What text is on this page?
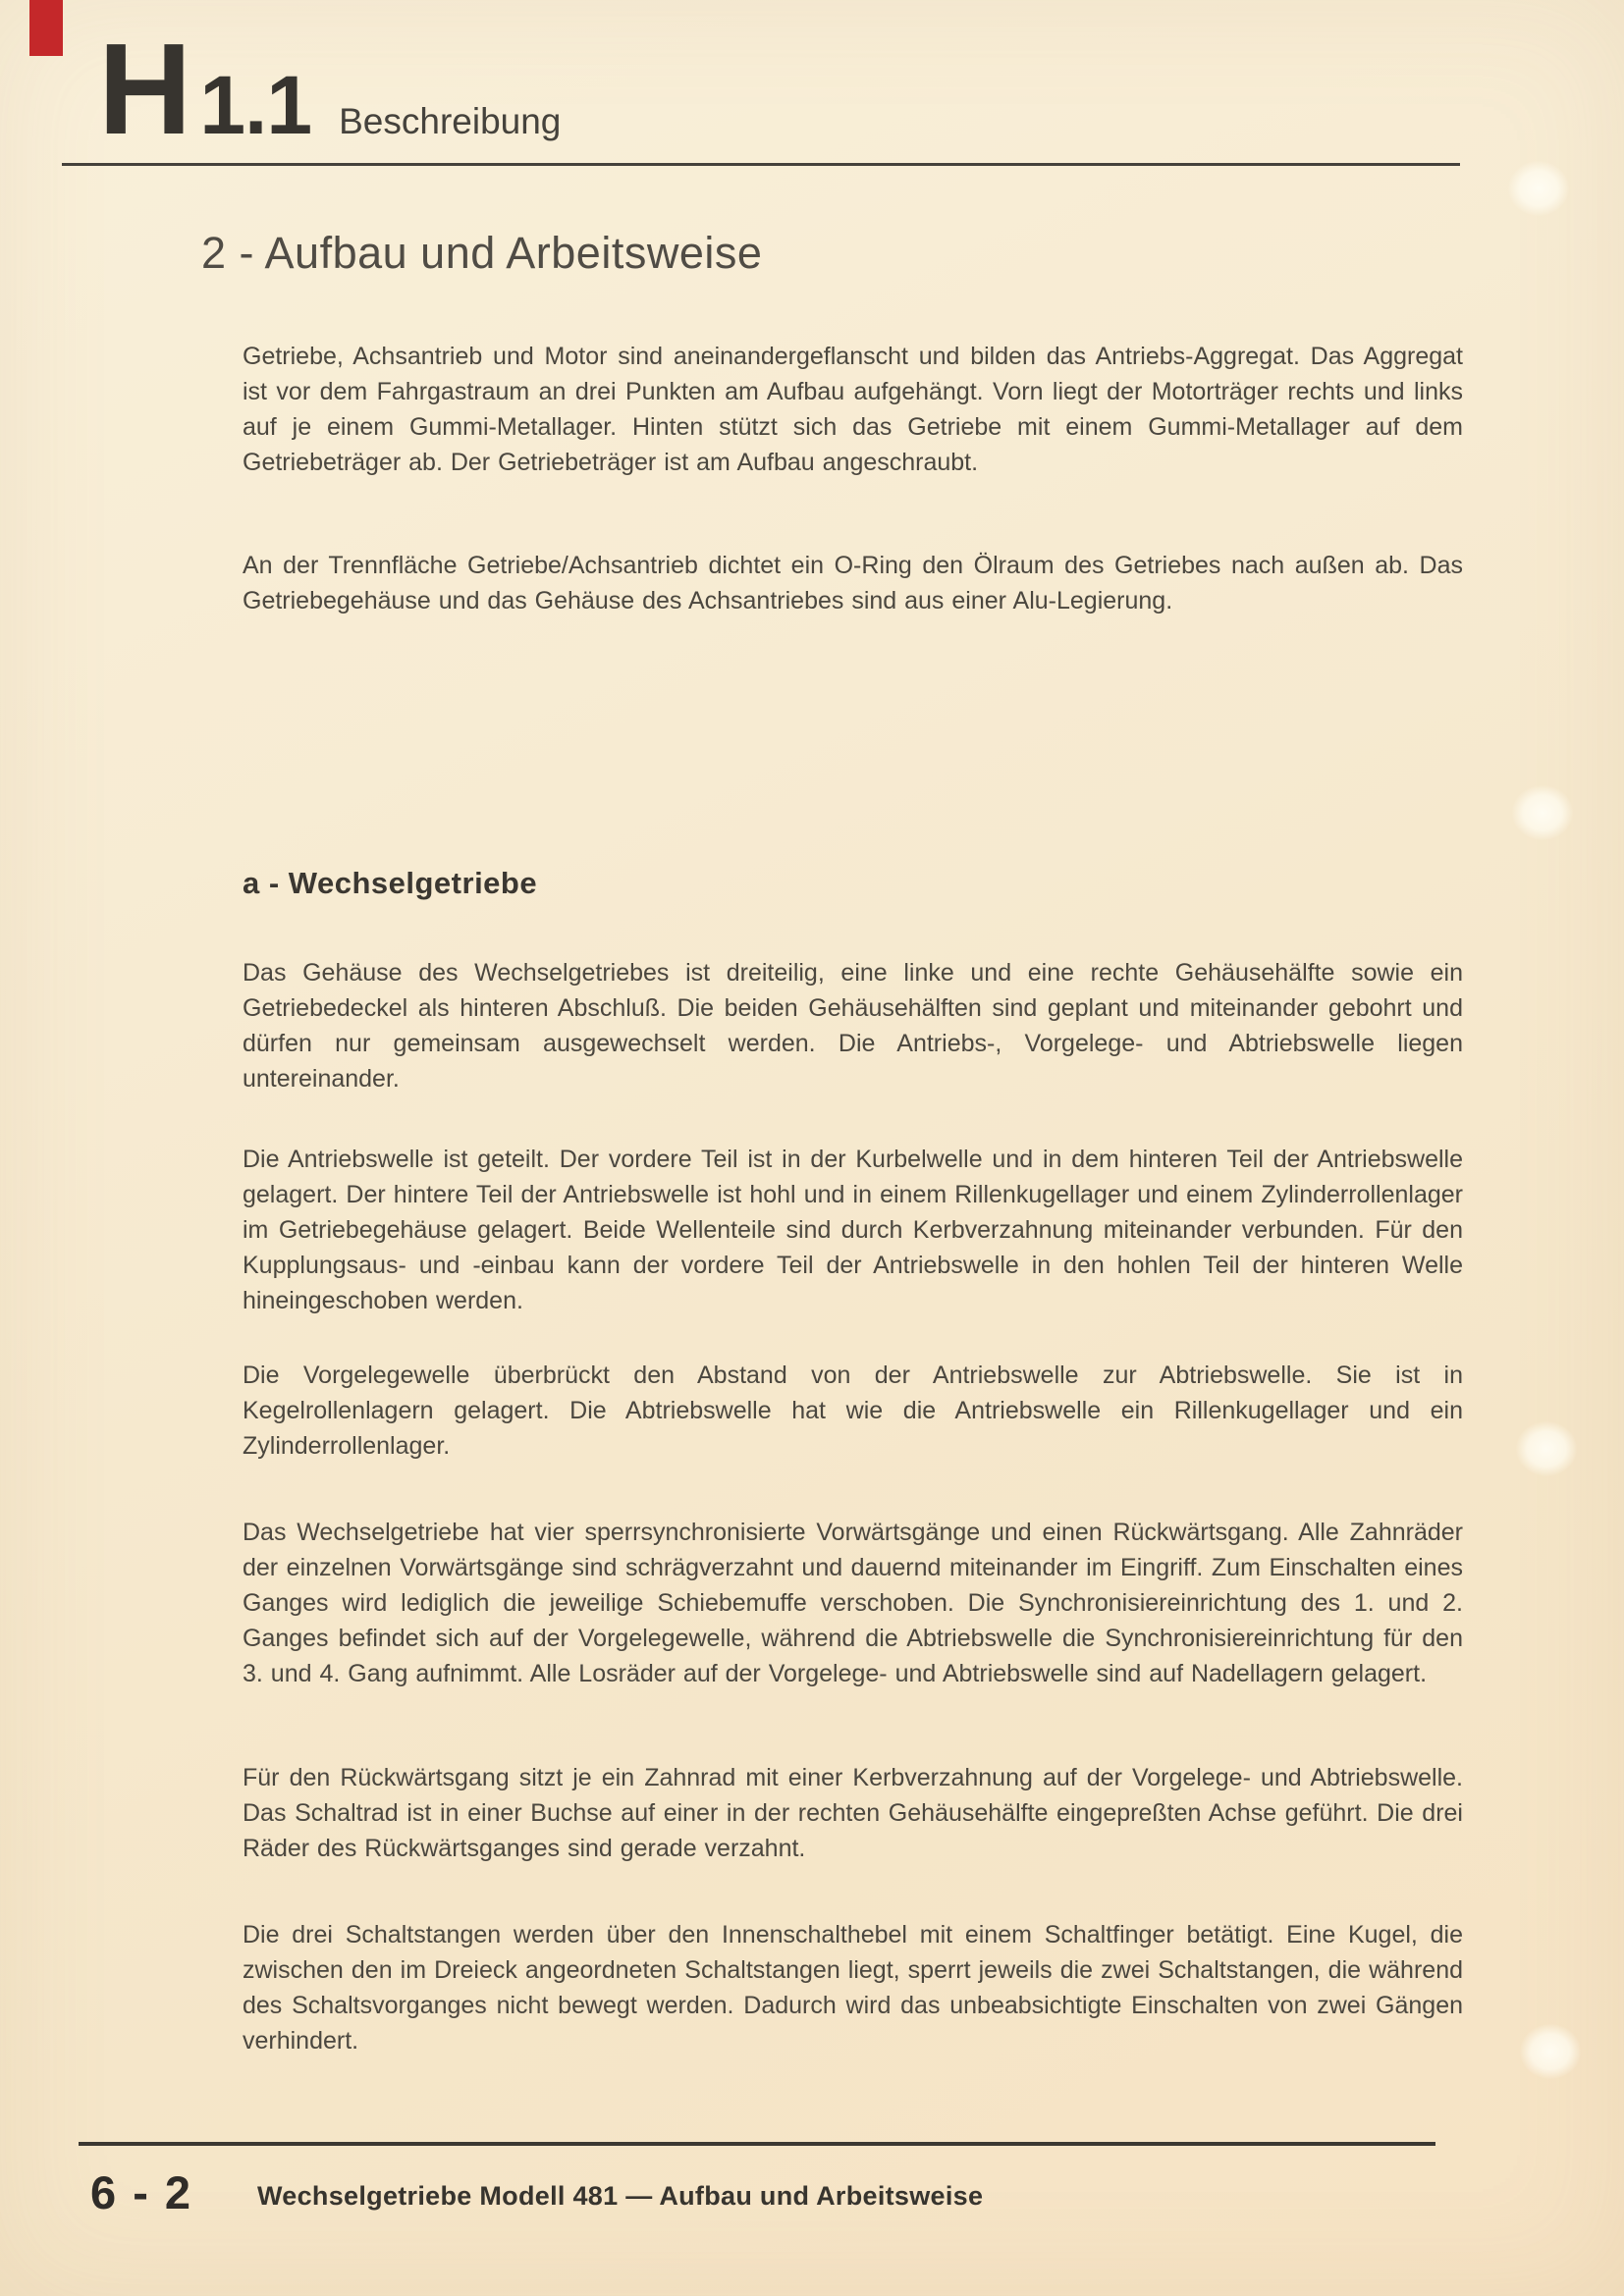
H 1.1 Beschreibung
2 - Aufbau und Arbeitsweise

Getriebe, Achsantrieb und Motor sind aneinandergeflanscht und bilden das Antriebs-Aggregat. Das Aggregat ist vor dem Fahrgastraum an drei Punkten am Aufbau aufgehängt. Vorn liegt der Motorträger rechts und links auf je einem Gummi-Metallager. Hinten stützt sich das Getriebe mit einem Gummi-Metallager auf dem Getriebeträger ab. Der Getriebeträger ist am Aufbau angeschraubt.

An der Trennfläche Getriebe/Achsantrieb dichtet ein O-Ring den Ölraum des Getriebes nach außen ab. Das Getriebegehäuse und das Gehäuse des Achsantriebes sind aus einer Alu-Legierung.

a - Wechselgetriebe

Das Gehäuse des Wechselgetriebes ist dreiteilig, eine linke und eine rechte Gehäusehälfte sowie ein Getriebedeckel als hinteren Abschluß. Die beiden Gehäusehälften sind geplant und miteinander gebohrt und dürfen nur gemeinsam ausgewechselt werden. Die Antriebs-, Vorgelege- und Abtriebswelle liegen untereinander.

Die Antriebswelle ist geteilt. Der vordere Teil ist in der Kurbelwelle und in dem hinteren Teil der Antriebswelle gelagert. Der hintere Teil der Antriebswelle ist hohl und in einem Rillenkugellager und einem Zylinderrollenlager im Getriebegehäuse gelagert. Beide Wellenteile sind durch Kerbverzahnung miteinander verbunden. Für den Kupplungsaus- und -einbau kann der vordere Teil der Antriebswelle in den hohlen Teil der hinteren Welle hineingeschoben werden.

Die Vorgelegewelle überbrückt den Abstand von der Antriebswelle zur Abtriebswelle. Sie ist in Kegelrollenlagern gelagert. Die Abtriebswelle hat wie die Antriebswelle ein Rillenkugellager und ein Zylinderrollenlager.

Das Wechselgetriebe hat vier sperrsynchronisierte Vorwärtsgänge und einen Rückwärtsgang. Alle Zahnräder der einzelnen Vorwärtsgänge sind schrägverzahnt und dauernd miteinander im Eingriff. Zum Einschalten eines Ganges wird lediglich die jeweilige Schiebemuffe verschoben. Die Synchronisiereinrichtung des 1. und 2. Ganges befindet sich auf der Vorgelegewelle, während die Abtriebswelle die Synchronisiereinrichtung für den 3. und 4. Gang aufnimmt. Alle Losräder auf der Vorgelege- und Abtriebswelle sind auf Nadellagern gelagert.

Für den Rückwärtsgang sitzt je ein Zahnrad mit einer Kerbverzahnung auf der Vorgelege- und Abtriebswelle. Das Schaltrad ist in einer Buchse auf einer in der rechten Gehäusehälfte eingepreßten Achse geführt. Die drei Räder des Rückwärtsganges sind gerade verzahnt.

Die drei Schaltstangen werden über den Innenschalthebel mit einem Schaltfinger betätigt. Eine Kugel, die zwischen den im Dreieck angeordneten Schaltstangen liegt, sperrt jeweils die zwei Schaltstangen, die während des Schaltsvorganges nicht bewegt werden. Dadurch wird das unbeabsichtigte Einschalten von zwei Gängen verhindert.

6 - 2 Wechselgetriebe Modell 481 — Aufbau und Arbeitsweise
